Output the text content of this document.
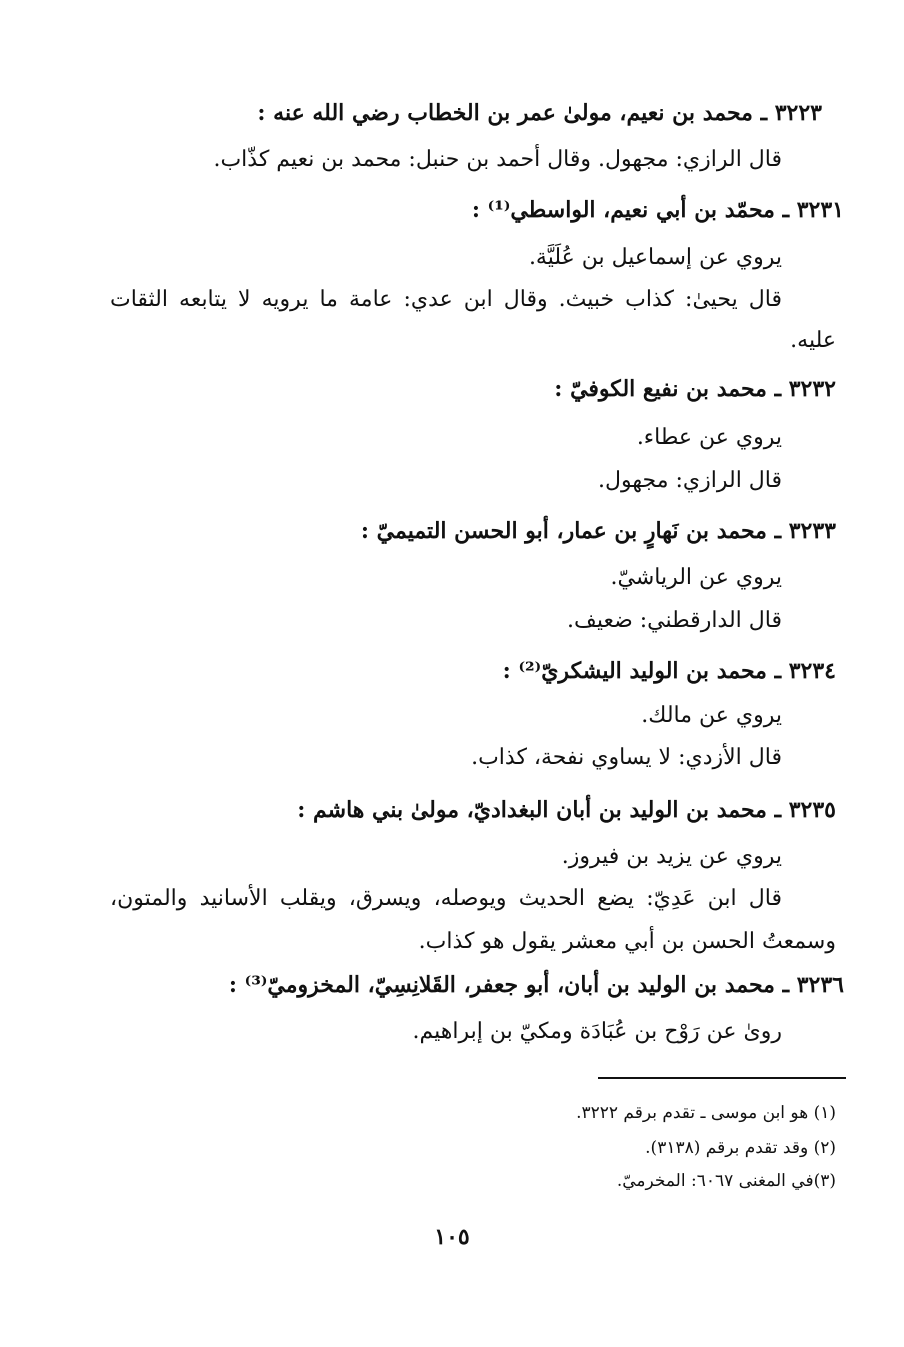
٣٢٢٣ ـ محمد بن نعيم، مولىٰ عمر بن الخطاب رضي الله عنه :
قال الرازي: مجهول. وقال أحمد بن حنبل: محمد بن نعيم كذّاب.
٣٢٣١ ـ محمّد بن أبي نعيم، الواسطي⁽¹⁾ :
يروي عن إسماعيل بن عُلَيَّة.
قال يحيىٰ: كذاب خبيث. وقال ابن عدي: عامة ما يرويه لا يتابعه الثقات
عليه.
٣٢٣٢ ـ محمد بن نفيع الكوفيّ :
يروي عن عطاء.
قال الرازي: مجهول.
٣٢٣٣ ـ محمد بن نَهارٍ بن عمار، أبو الحسن التميميّ :
يروي عن الرياشيّ.
قال الدارقطني: ضعيف.
٣٢٣٤ ـ محمد بن الوليد اليشكريّ⁽²⁾ :
يروي عن مالك.
قال الأزدي: لا يساوي نفحة، كذاب.
٣٢٣٥ ـ محمد بن الوليد بن أبان البغداديّ، مولىٰ بني هاشم :
يروي عن يزيد بن فيروز.
قال ابن عَدِيّ: يضع الحديث ويوصله، ويسرق، ويقلب الأسانيد والمتون،
وسمعتُ الحسن بن أبي معشر يقول هو كذاب.
٣٢٣٦ ـ محمد بن الوليد بن أبان، أبو جعفر، القَلانِسِيّ، المخزوميّ⁽³⁾ :
رویٰ عن رَوْح بن عُبَادَة ومكيّ بن إبراهيم.
(١) هو ابن موسى ـ تقدم برقم ٣٢٢٢.
(٢) وقد تقدم برقم (٣١٣٨).
(٣)في المغنى ٦٠٦٧: المخرميّ.
١٠٥
